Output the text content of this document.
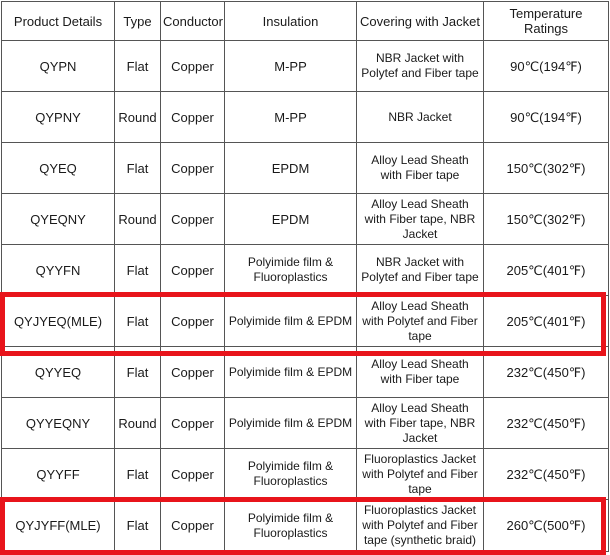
Product Details	Type	Conductor	Insulation	Covering with Jacket	Temperature Ratings
QYPN	Flat	Copper	M-PP	NBR Jacket with Polytef and Fiber tape	90℃(194℉)
QYPNY	Round	Copper	M-PP	NBR Jacket	90℃(194℉)
QYEQ	Flat	Copper	EPDM	Alloy Lead Sheath with Fiber tape	150℃(302℉)
QYEQNY	Round	Copper	EPDM	Alloy Lead Sheath with Fiber tape, NBR Jacket	150℃(302℉)
QYYFN	Flat	Copper	Polyimide film & Fluoroplastics	NBR Jacket with Polytef and Fiber tape	205℃(401℉)
QYJYEQ(MLE)	Flat	Copper	Polyimide film & EPDM	Alloy Lead Sheath with Polytef and Fiber tape	205℃(401℉)
QYYEQ	Flat	Copper	Polyimide film & EPDM	Alloy Lead Sheath with Fiber tape	232℃(450℉)
QYYEQNY	Round	Copper	Polyimide film & EPDM	Alloy Lead Sheath with Fiber tape, NBR Jacket	232℃(450℉)
QYYFF	Flat	Copper	Polyimide film & Fluoroplastics	Fluoroplastics Jacket with Polytef and Fiber tape	232℃(450℉)
QYJYFF(MLE)	Flat	Copper	Polyimide film & Fluoroplastics	Fluoroplastics Jacket with Polytef and Fiber tape (synthetic braid)	260℃(500℉)
